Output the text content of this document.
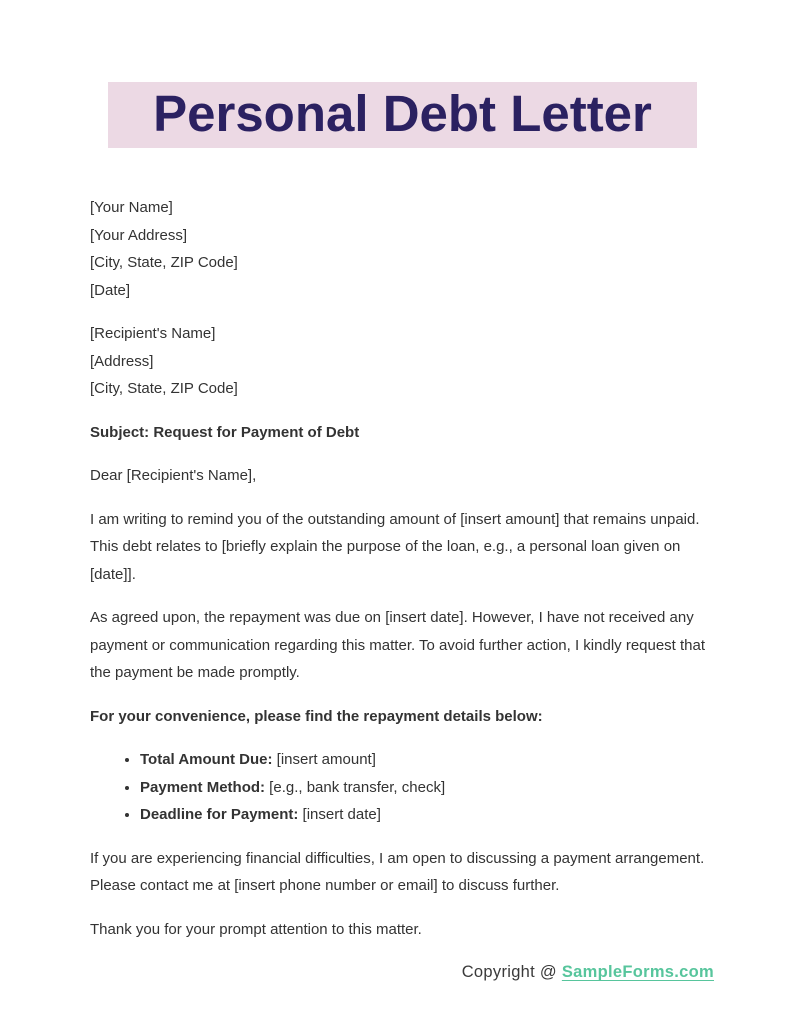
Personal Debt Letter
[Your Name]
[Your Address]
[City, State, ZIP Code]
[Date]
[Recipient's Name]
[Address]
[City, State, ZIP Code]

Subject: Request for Payment of Debt

Dear [Recipient's Name],

I am writing to remind you of the outstanding amount of [insert amount] that remains unpaid. This debt relates to [briefly explain the purpose of the loan, e.g., a personal loan given on [date]].

As agreed upon, the repayment was due on [insert date]. However, I have not received any payment or communication regarding this matter. To avoid further action, I kindly request that the payment be made promptly.

For your convenience, please find the repayment details below:

• Total Amount Due: [insert amount]
• Payment Method: [e.g., bank transfer, check]
• Deadline for Payment: [insert date]

If you are experiencing financial difficulties, I am open to discussing a payment arrangement. Please contact me at [insert phone number or email] to discuss further.

Thank you for your prompt attention to this matter.

Copyright @ SampleForms.com
